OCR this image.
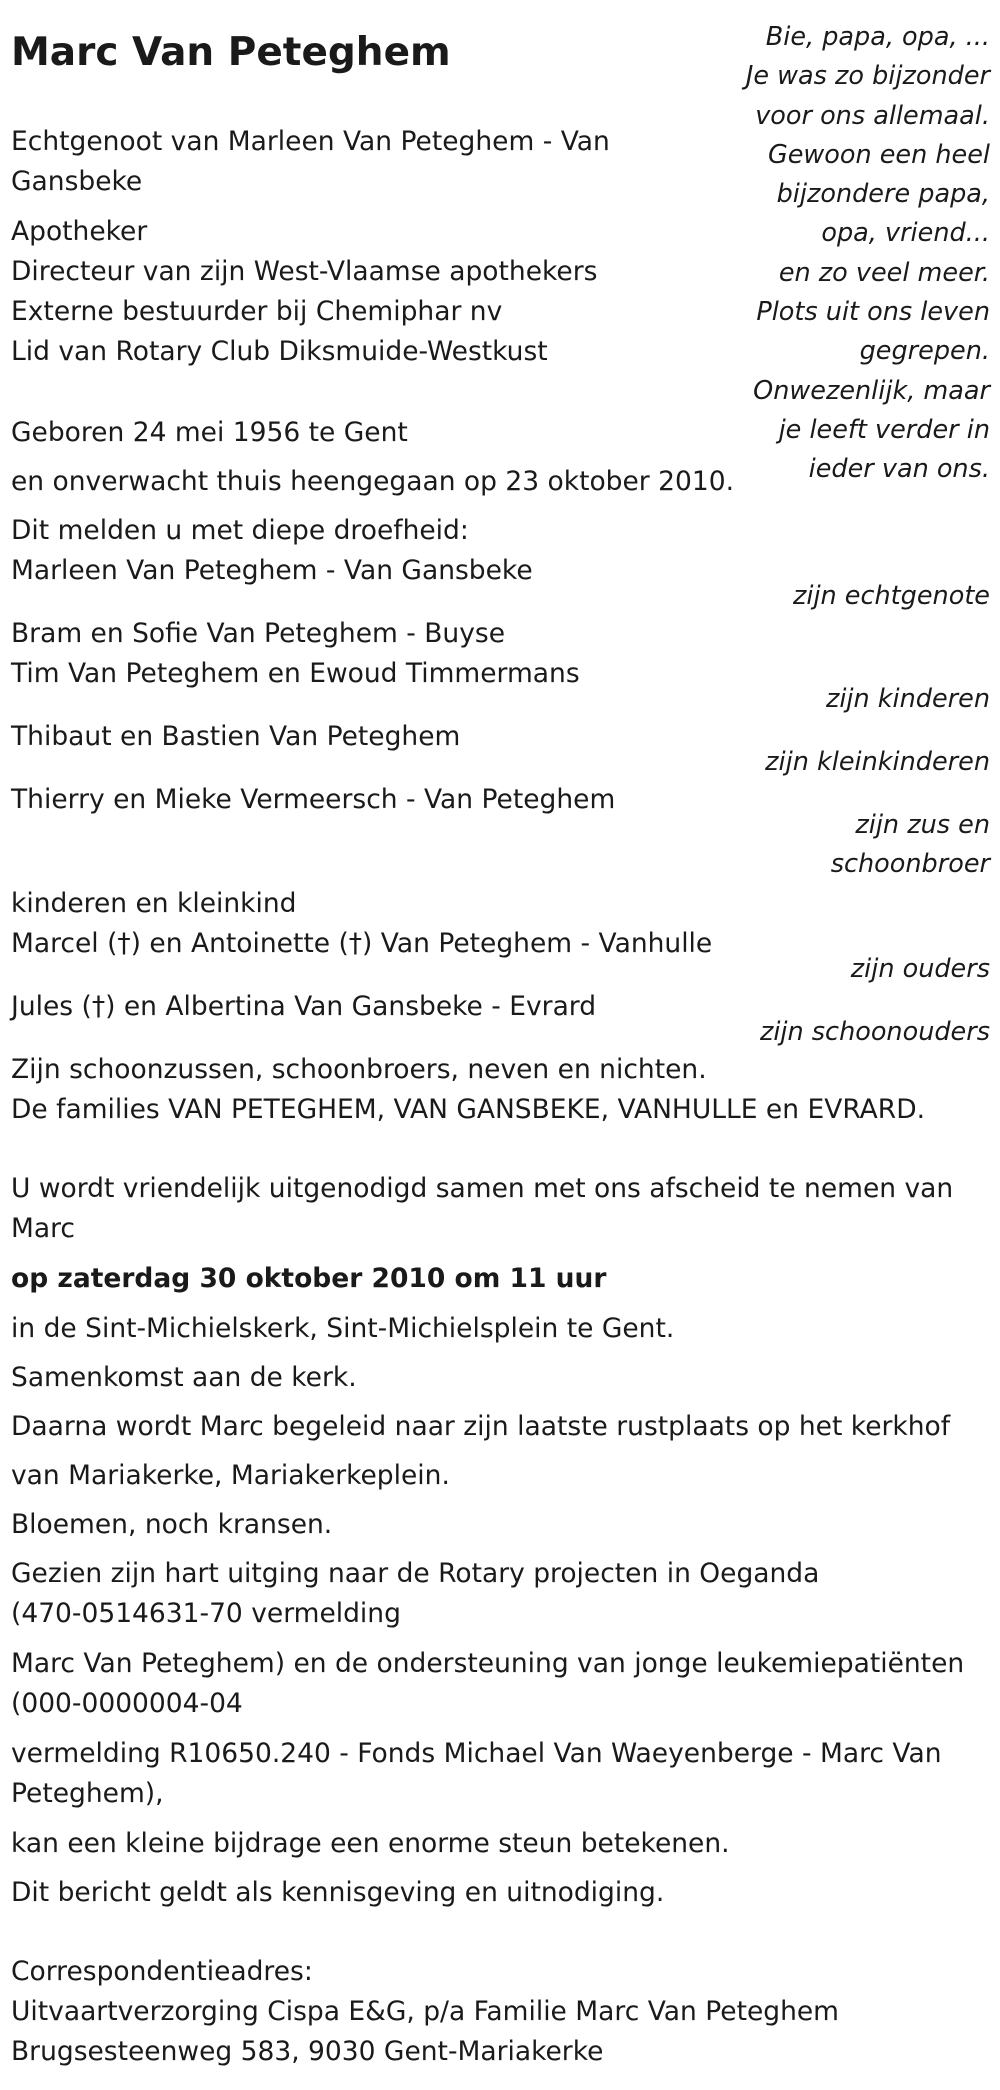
Marc Van Peteghem	Bie, papa, opa, ...
Je was zo bijzonder
voor ons allemaal.
Gewoon een heel
bijzondere papa,
opa, vriend...
en zo veel meer.
Plots uit ons leven
gegrepen.
Onwezenlijk, maar
je leeft verder in
ieder van ons.
Echtgenoot van Marleen Van Peteghem - Van
Gansbeke
Apotheker
Directeur van zijn West-Vlaamse apothekers
Externe bestuurder bij Chemiphar nv
Lid van Rotary Club Diksmuide-Westkust
Geboren 24 mei 1956 te Gent
en onverwacht thuis heengegaan op 23 oktober 2010.
Dit melden u met diepe droefheid:
Marleen Van Peteghem - Van Gansbeke
zijn echtgenote
Bram en Sofie Van Peteghem - Buyse
Tim Van Peteghem en Ewoud Timmermans
zijn kinderen
Thibaut en Bastien Van Peteghem
zijn kleinkinderen
Thierry en Mieke Vermeersch - Van Peteghem
zijn zus en
schoonbroer
kinderen en kleinkind
Marcel (†) en Antoinette (†) Van Peteghem - Vanhulle
zijn ouders
Jules (†) en Albertina Van Gansbeke - Evrard
zijn schoonouders
Zijn schoonzussen, schoonbroers, neven en nichten.
De families VAN PETEGHEM, VAN GANSBEKE, VANHULLE en EVRARD.
U wordt vriendelijk uitgenodigd samen met ons afscheid te nemen van
Marc
op zaterdag 30 oktober 2010 om 11 uur
in de Sint-Michielskerk, Sint-Michielsplein te Gent.
Samenkomst aan de kerk.
Daarna wordt Marc begeleid naar zijn laatste rustplaats op het kerkhof
van Mariakerke, Mariakerkeplein.
Bloemen, noch kransen.
Gezien zijn hart uitging naar de Rotary projecten in Oeganda
(470-0514631-70 vermelding
Marc Van Peteghem) en de ondersteuning van jonge leukemiepatiënten
(000-0000004-04
vermelding R10650.240 - Fonds Michael Van Waeyenberge - Marc Van
Peteghem),
kan een kleine bijdrage een enorme steun betekenen.
Dit bericht geldt als kennisgeving en uitnodiging.
Correspondentieadres:
Uitvaartverzorging Cispa E&G, p/a Familie Marc Van Peteghem
Brugsesteenweg 583, 9030 Gent-Mariakerke
